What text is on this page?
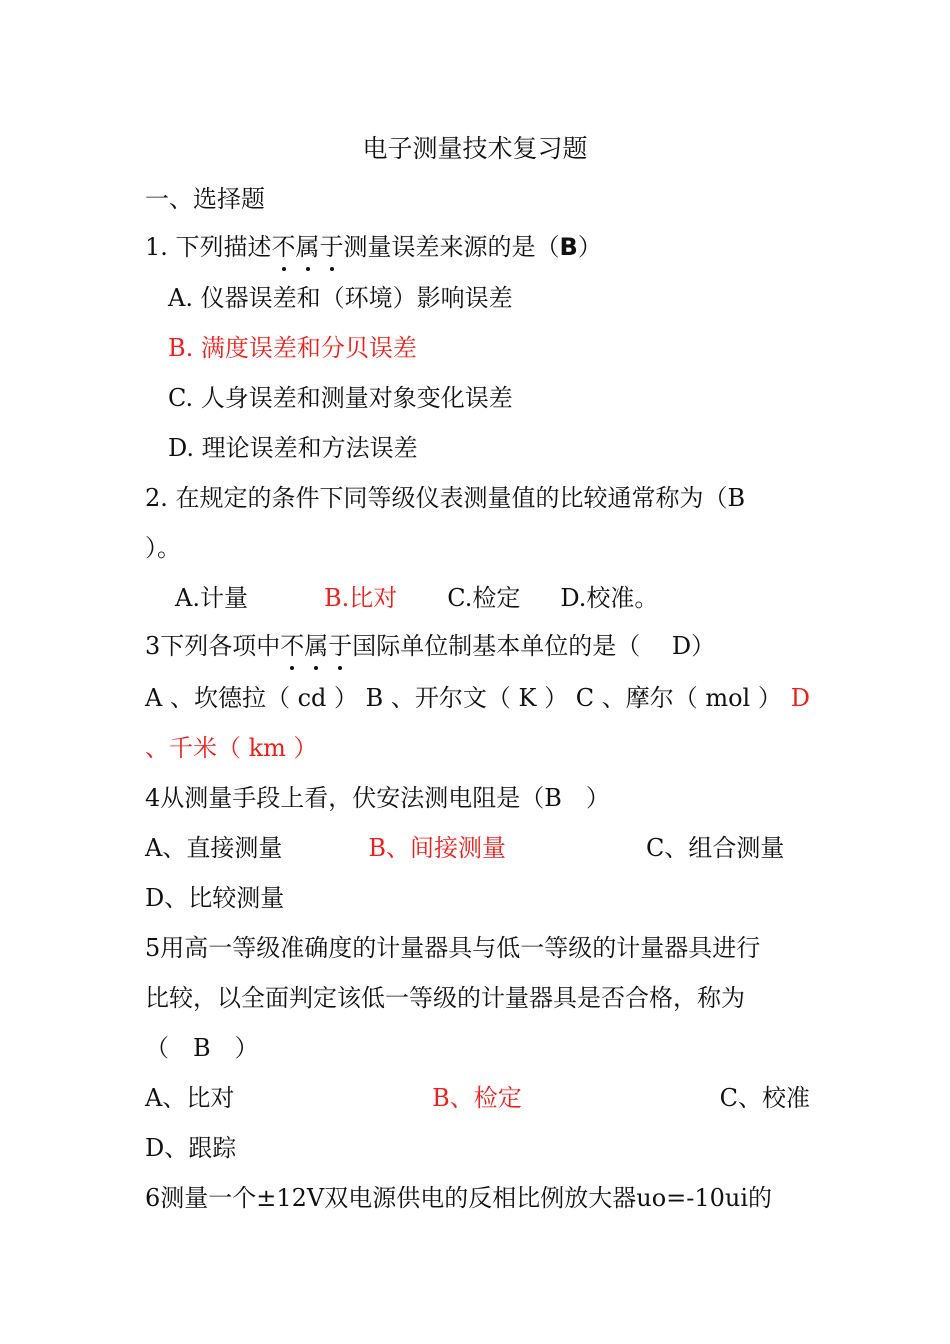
电子测量技术复习题
一、选择题
1. 下列描述不属于测量误差来源的是（B）
A. 仪器误差和（环境）影响误差
B. 满度误差和分贝误差
C. 人身误差和测量对象变化误差
D. 理论误差和方法误差
2. 在规定的条件下同等级仪表测量值的比较通常称为（B
）。
A.计量	B.比对 C.检定 D.校准。
3下列各项中不属于国际单位制基本单位的是（　 D）
A 、坎德拉（ cd ） B 、开尔文（ K ） C 、摩尔（ mol ） D
、千米（ km ）
4从测量手段上看，伏安法测电阻是（B　）
A、直接测量	B、间接测量	C、组合测量
D、比较测量
5用高一等级准确度的计量器具与低一等级的计量器具进行
比较，以全面判定该低一等级的计量器具是否合格，称为
（　B　）
A、比对	B、检定	C、校准
D、跟踪
6测量一个±12V双电源供电的反相比例放大器uo=-10ui的
